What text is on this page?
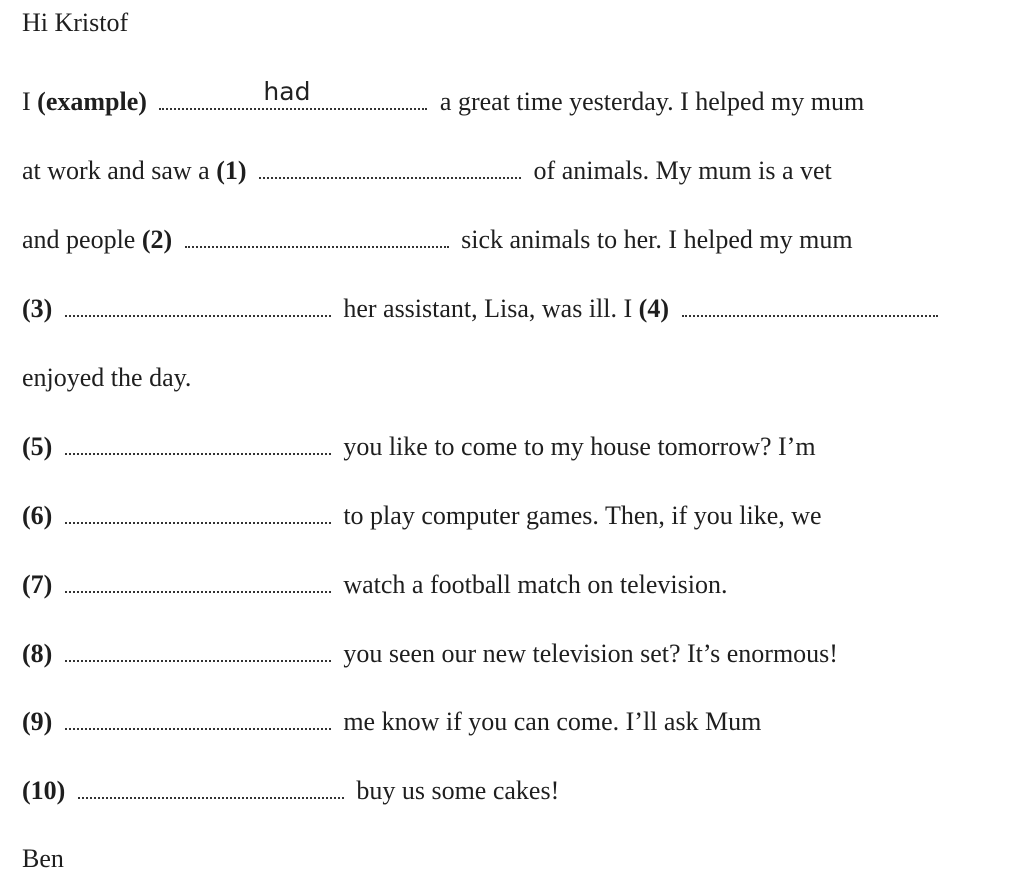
Hi Kristof
I (example)	had	a great time yesterday. I helped my mum
at work and saw a (1)	of animals. My mum is a vet
and people (2)	sick animals to her. I helped my mum
(3)	her assistant, Lisa, was ill. I (4)
enjoyed the day.
(5)	you like to come to my house tomorrow? I’m
(6)	to play computer games. Then, if you like, we
(7)	watch a football match on television.
(8)	you seen our new television set? It’s enormous!
(9)	me know if you can come. I’ll ask Mum
(10)	buy us some cakes!
Ben
